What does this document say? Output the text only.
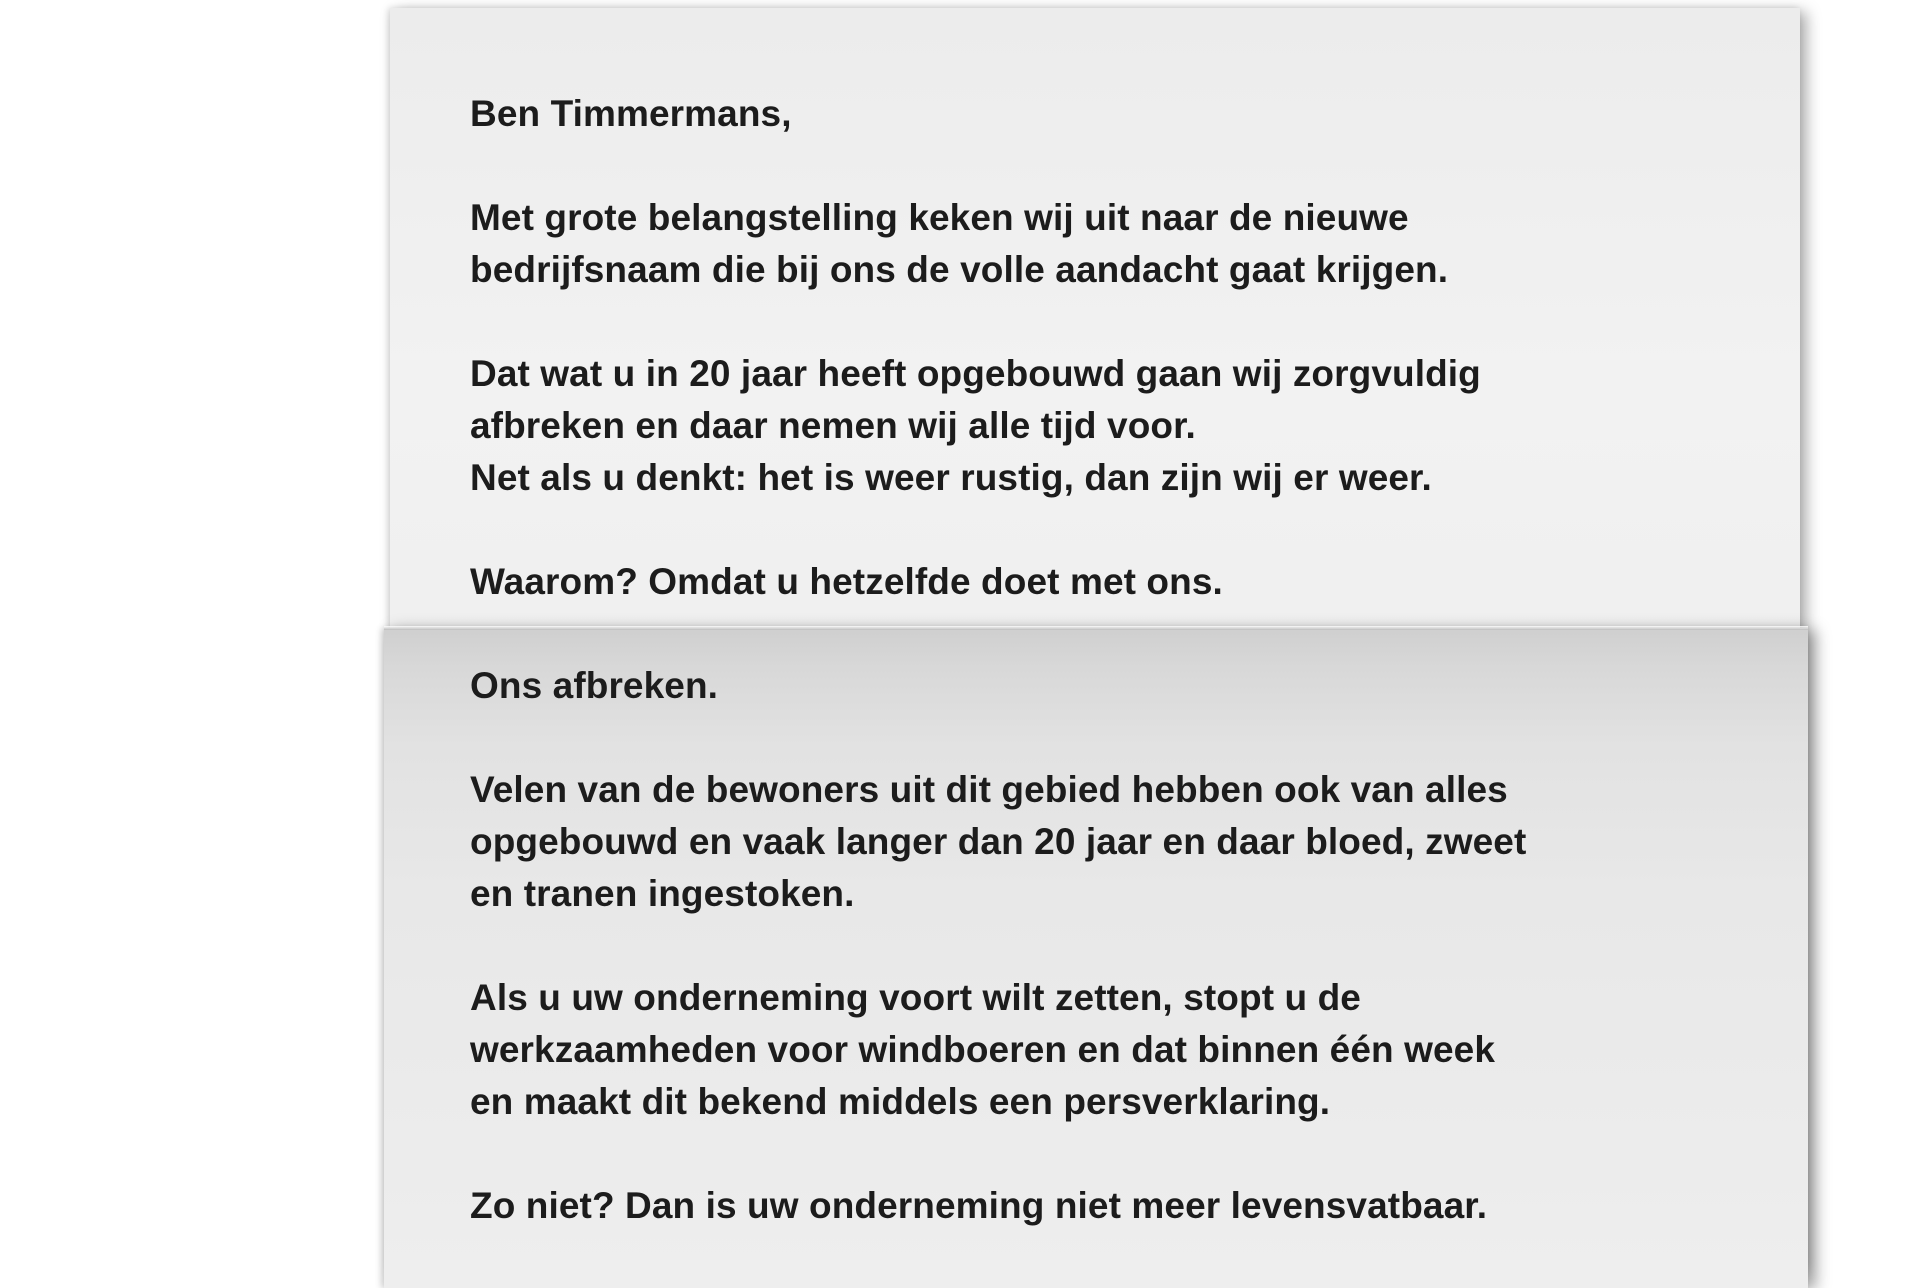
Ben Timmermans,
Met grote belangstelling keken wij uit naar de nieuwe
bedrijfsnaam die bij ons de volle aandacht gaat krijgen.
Dat wat u in 20 jaar heeft opgebouwd gaan wij zorgvuldig
afbreken en daar nemen wij alle tijd voor.
Net als u denkt: het is weer rustig, dan zijn wij er weer.
Waarom? Omdat u hetzelfde doet met ons.
Ons afbreken.
Velen van de bewoners uit dit gebied hebben ook van alles
opgebouwd en vaak langer dan 20 jaar en daar bloed, zweet
en tranen ingestoken.
Als u uw onderneming voort wilt zetten, stopt u de
werkzaamheden voor windboeren en dat binnen één week
en maakt dit bekend middels een persverklaring.
Zo niet? Dan is uw onderneming niet meer levensvatbaar.
